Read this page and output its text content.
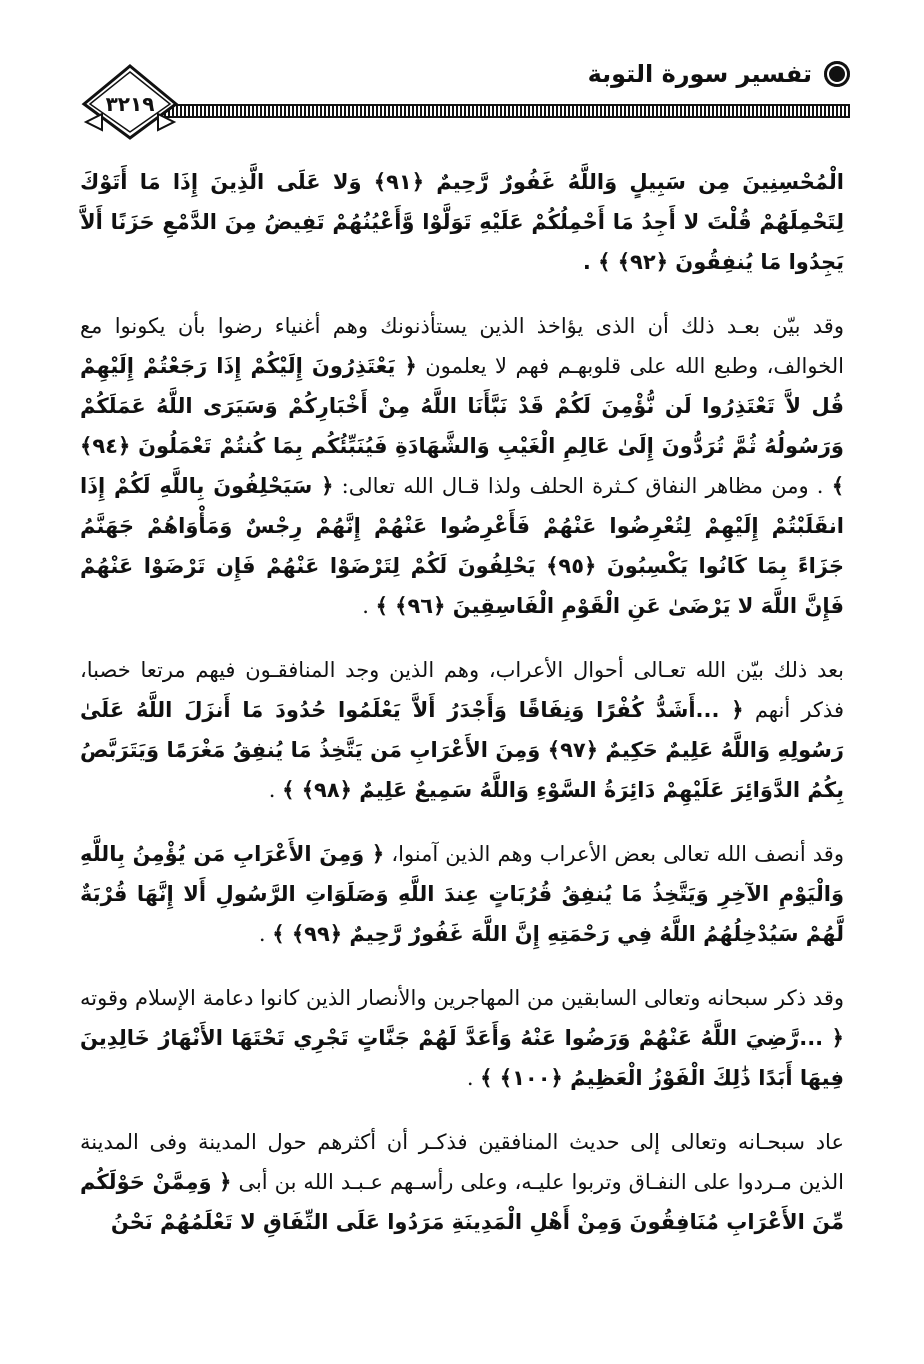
تفسير سورة التوبة
٣٢١٩

الْمُحْسِنِينَ مِن سَبِيلٍ وَاللَّهُ غَفُورٌ رَّحِيمٌ ﴿٩١﴾ وَلا عَلَى الَّذِينَ إِذَا مَا أَتَوْكَ لِتَحْمِلَهُمْ قُلْتَ لا أَجِدُ مَا أَحْمِلُكُمْ عَلَيْهِ تَوَلَّوْا وَّأَعْيُنُهُمْ تَفِيضُ مِنَ الدَّمْعِ حَزَنًا أَلاَّ يَجِدُوا مَا يُنفِقُونَ ﴿٩٢﴾ ﴾ .

وقد بيّن بعـد ذلك أن الذى يؤاخذ الذين يستأذنونك وهم أغنياء رضوا بأن يكونوا مع الخوالف، وطبع الله على قلوبهـم فهم لا يعلمون ﴿ يَعْتَذِرُونَ إِلَيْكُمْ إِذَا رَجَعْتُمْ إِلَيْهِمْ قُل لاَّ تَعْتَذِرُوا لَن نُّؤْمِنَ لَكُمْ قَدْ نَبَّأَنَا اللَّهُ مِنْ أَخْبَارِكُمْ وَسَيَرَى اللَّهُ عَمَلَكُمْ وَرَسُولُهُ ثُمَّ تُرَدُّونَ إِلَىٰ عَالِمِ الْغَيْبِ وَالشَّهَادَةِ فَيُنَبِّئُكُم بِمَا كُنتُمْ تَعْمَلُونَ ﴿٩٤﴾ ﴾ . ومن مظاهر النفاق كـثرة الحلف ولذا قـال الله تعالى: ﴿ سَيَحْلِفُونَ بِاللَّهِ لَكُمْ إِذَا انقَلَبْتُمْ إِلَيْهِمْ لِتُعْرِضُوا عَنْهُمْ فَأَعْرِضُوا عَنْهُمْ إِنَّهُمْ رِجْسٌ وَمَأْوَاهُمْ جَهَنَّمُ جَزَاءً بِمَا كَانُوا يَكْسِبُونَ ﴿٩٥﴾ يَحْلِفُونَ لَكُمْ لِتَرْضَوْا عَنْهُمْ فَإِن تَرْضَوْا عَنْهُمْ فَإِنَّ اللَّهَ لا يَرْضَىٰ عَنِ الْقَوْمِ الْفَاسِقِينَ ﴿٩٦﴾ ﴾ .

بعد ذلك بيّن الله تعـالى أحوال الأعراب، وهم الذين وجد المنافقـون فيهم مرتعا خصبا، فذكر أنهم ﴿ ...أَشَدُّ كُفْرًا وَنِفَاقًا وَأَجْدَرُ أَلاَّ يَعْلَمُوا حُدُودَ مَا أَنزَلَ اللَّهُ عَلَىٰ رَسُولِهِ وَاللَّهُ عَلِيمٌ حَكِيمٌ ﴿٩٧﴾ وَمِنَ الأَعْرَابِ مَن يَتَّخِذُ مَا يُنفِقُ مَغْرَمًا وَيَتَرَبَّصُ بِكُمُ الدَّوَائِرَ عَلَيْهِمْ دَائِرَةُ السَّوْءِ وَاللَّهُ سَمِيعٌ عَلِيمٌ ﴿٩٨﴾ ﴾ .

وقد أنصف الله تعالى بعض الأعراب وهم الذين آمنوا، ﴿ وَمِنَ الأَعْرَابِ مَن يُؤْمِنُ بِاللَّهِ وَالْيَوْمِ الآخِرِ وَيَتَّخِذُ مَا يُنفِقُ قُرُبَاتٍ عِندَ اللَّهِ وَصَلَوَاتِ الرَّسُولِ أَلا إِنَّهَا قُرْبَةٌ لَّهُمْ سَيُدْخِلُهُمُ اللَّهُ فِي رَحْمَتِهِ إِنَّ اللَّهَ غَفُورٌ رَّحِيمٌ ﴿٩٩﴾ ﴾ .

وقد ذكر سبحانه وتعالى السابقين من المهاجرين والأنصار الذين كانوا دعامة الإسلام وقوته ﴿ ...رَّضِيَ اللَّهُ عَنْهُمْ وَرَضُوا عَنْهُ وَأَعَدَّ لَهُمْ جَنَّاتٍ تَجْرِي تَحْتَهَا الأَنْهَارُ خَالِدِينَ فِيهَا أَبَدًا ذَٰلِكَ الْفَوْزُ الْعَظِيمُ ﴿١٠٠﴾ ﴾ .

عاد سبحـانه وتعالى إلى حديث المنافقين فذكـر أن أكثرهم حول المدينة وفى المدينة الذين مـردوا على النفـاق وتربوا عليـه، وعلى رأسـهم عـبـد الله بن أبى ﴿ وَمِمَّنْ حَوْلَكُم مِّنَ الأَعْرَابِ مُنَافِقُونَ وَمِنْ أَهْلِ الْمَدِينَةِ مَرَدُوا عَلَى النِّفَاقِ لا تَعْلَمُهُمْ نَحْنُ
